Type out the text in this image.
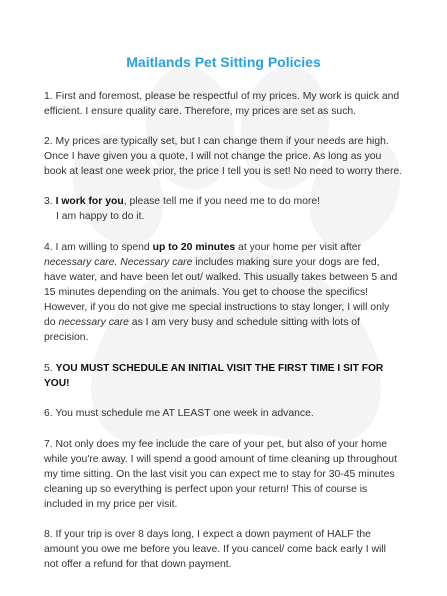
Maitlands Pet Sitting Policies

1. First and foremost, please be respectful of my prices. My work is quick and efficient. I ensure quality care. Therefore, my prices are set as such.

2. My prices are typically set, but I can change them if your needs are high. Once I have given you a quote, I will not change the price. As long as you book at least one week prior, the price I tell you is set! No need to worry there.

3. I work for you, please tell me if you need me to do more!
I am happy to do it.

4. I am willing to spend up to 20 minutes at your home per visit after necessary care. Necessary care includes making sure your dogs are fed, have water, and have been let out/ walked. This usually takes between 5 and 15 minutes depending on the animals. You get to choose the specifics! However, if you do not give me special instructions to stay longer, I will only do necessary care as I am very busy and schedule sitting with lots of precision.

5. YOU MUST SCHEDULE AN INITIAL VISIT THE FIRST TIME I SIT FOR YOU!

6. You must schedule me AT LEAST one week in advance.

7. Not only does my fee include the care of your pet, but also of your home while you're away. I will spend a good amount of time cleaning up throughout my time sitting. On the last visit you can expect me to stay for 30-45 minutes cleaning up so everything is perfect upon your return! This of course is included in my price per visit.

8. If your trip is over 8 days long, I expect a down payment of HALF the amount you owe me before you leave. If you cancel/ come back early I will not offer a refund for that down payment.
